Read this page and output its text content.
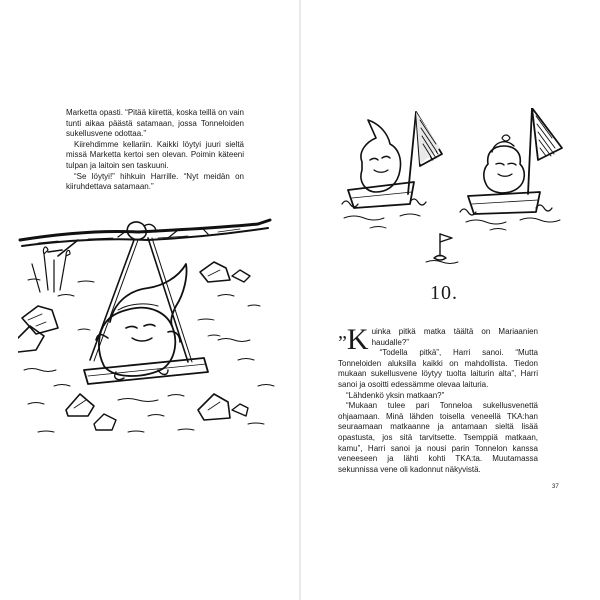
Marketta opasti. “Pitää kiirettä, koska teillä on vain tunti aikaa päästä satamaan, jossa Tonneloiden sukellusvene odottaa.”

Kiirehdimme kellariin. Kaikki löytyi juuri sieltä missä Marketta kertoi sen olevan. Poimin käteeni tulpan ja laitoin sen taskuuni.

“Se löytyi!” hihkuin Harrille. “Nyt meidän on kiiruhdettava satamaan.”

10.

”K uinka pitkä matka täältä on Mariaanien haudalle?”

“Todella pitkä”, Harri sanoi. “Mutta Tonneloiden aluksilla kaikki on mahdollista. Tiedon mukaan sukellusvene löytyy tuolta laiturin alta”, Harri sanoi ja osoitti edessämme olevaa laituria.

“Lähdenkö yksin matkaan?”

“Mukaan tulee pari Tonneloa sukellusvenettä ohjaamaan. Minä lähden toisella veneellä TKA:han seuraamaan matkaanne ja antamaan sieltä lisää opastusta, jos sitä tarvitsette. Tsemppiä matkaan, kamu”, Harri sanoi ja nousi parin Tonnelon kanssa veneeseen ja lähti kohti TKA:ta. Muutamassa sekunnissa vene oli kadonnut näkyvistä.

37
